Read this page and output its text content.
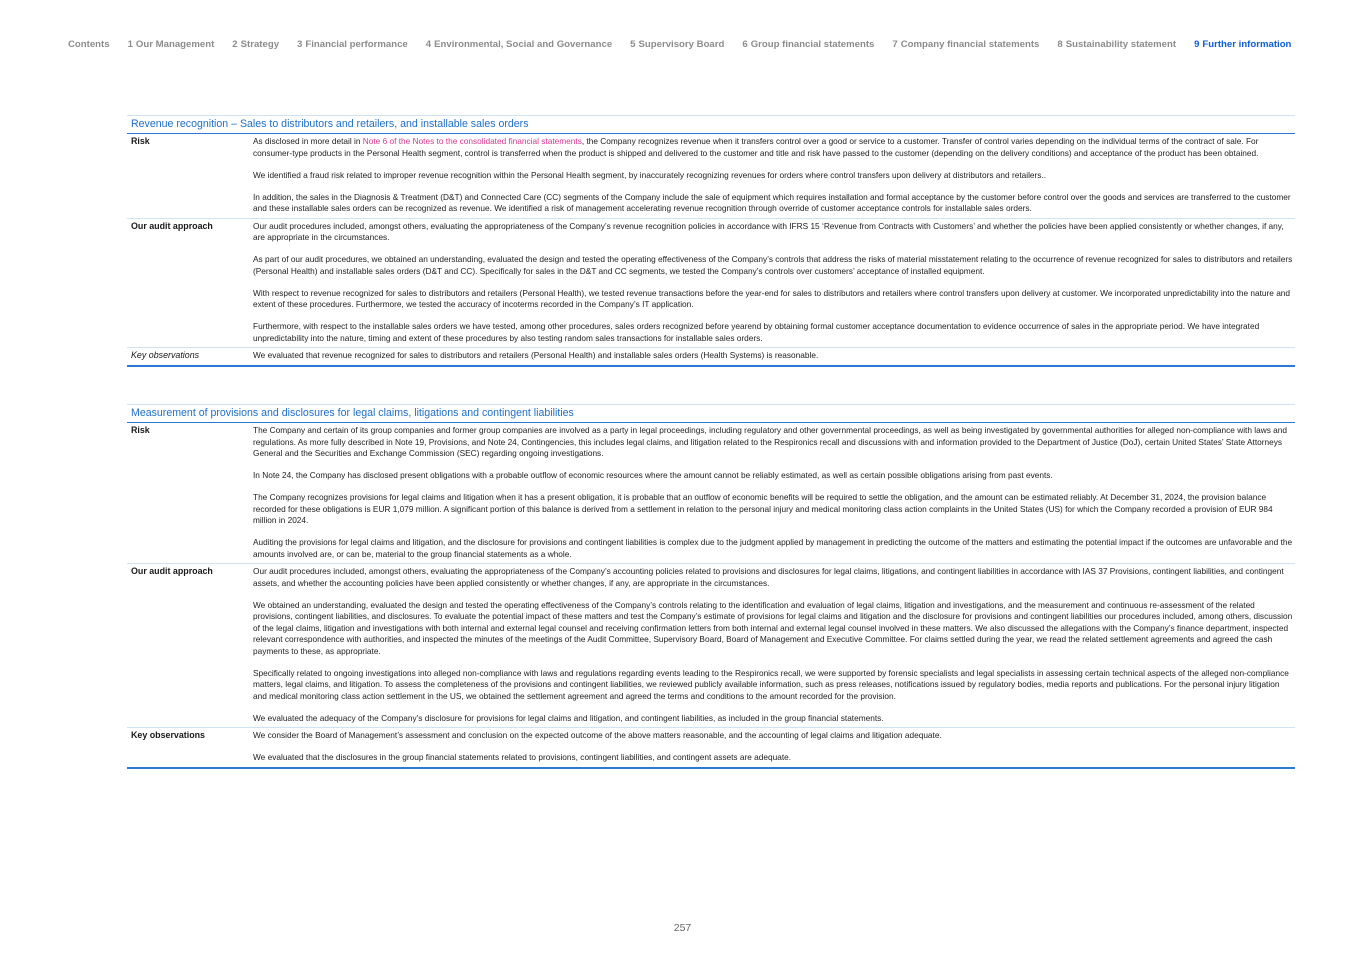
Contents 1 Our Management 2 Strategy 3 Financial performance 4 Environmental, Social and Governance 5 Supervisory Board 6 Group financial statements 7 Company financial statements 8 Sustainability statement 9 Further information
Revenue recognition – Sales to distributors and retailers, and installable sales orders
Risk	As disclosed in more detail in Note 6 of the Notes to the consolidated financial statements, the Company recognizes revenue when it transfers control over a good or service to a customer. Transfer of control varies depending on the individual terms of the contract of sale. For consumer-type products in the Personal Health segment, control is transferred when the product is shipped and delivered to the customer and title and risk have passed to the customer (depending on the delivery conditions) and acceptance of the product has been obtained.

We identified a fraud risk related to improper revenue recognition within the Personal Health segment, by inaccurately recognizing revenues for orders where control transfers upon delivery at distributors and retailers..

In addition, the sales in the Diagnosis & Treatment (D&T) and Connected Care (CC) segments of the Company include the sale of equipment which requires installation and formal acceptance by the customer before control over the goods and services are transferred to the customer and these installable sales orders can be recognized as revenue. We identified a risk of management accelerating revenue recognition through override of customer acceptance controls for installable sales orders.

Our audit approach	Our audit procedures included, amongst others, evaluating the appropriateness of the Company’s revenue recognition policies in accordance with IFRS 15 ‘Revenue from Contracts with Customers’ and whether the policies have been applied consistently or whether changes, if any, are appropriate in the circumstances.

As part of our audit procedures, we obtained an understanding, evaluated the design and tested the operating effectiveness of the Company’s controls that address the risks of material misstatement relating to the occurrence of revenue recognized for sales to distributors and retailers (Personal Health) and installable sales orders (D&T and CC). Specifically for sales in the D&T and CC segments, we tested the Company’s controls over customers’ acceptance of installed equipment.

With respect to revenue recognized for sales to distributors and retailers (Personal Health), we tested revenue transactions before the year-end for sales to distributors and retailers where control transfers upon delivery at customer. We incorporated unpredictability into the nature and extent of these procedures. Furthermore, we tested the accuracy of incoterms recorded in the Company’s IT application.

Furthermore, with respect to the installable sales orders we have tested, among other procedures, sales orders recognized before yearend by obtaining formal customer acceptance documentation to evidence occurrence of sales in the appropriate period. We have integrated unpredictability into the nature, timing and extent of these procedures by also testing random sales transactions for installable sales orders.

Key observations	We evaluated that revenue recognized for sales to distributors and retailers (Personal Health) and installable sales orders (Health Systems) is reasonable.

Measurement of provisions and disclosures for legal claims, litigations and contingent liabilities
Risk	The Company and certain of its group companies and former group companies are involved as a party in legal proceedings, including regulatory and other governmental proceedings, as well as being investigated by governmental authorities for alleged non-compliance with laws and regulations. As more fully described in Note 19, Provisions, and Note 24, Contingencies, this includes legal claims, and litigation related to the Respironics recall and discussions with and information provided to the Department of Justice (DoJ), certain United States’ State Attorneys General and the Securities and Exchange Commission (SEC) regarding ongoing investigations.

In Note 24, the Company has disclosed present obligations with a probable outflow of economic resources where the amount cannot be reliably estimated, as well as certain possible obligations arising from past events.

The Company recognizes provisions for legal claims and litigation when it has a present obligation, it is probable that an outflow of economic benefits will be required to settle the obligation, and the amount can be estimated reliably. At December 31, 2024, the provision balance recorded for these obligations is EUR 1,079 million. A significant portion of this balance is derived from a settlement in relation to the personal injury and medical monitoring class action complaints in the United States (US) for which the Company recorded a provision of EUR 984 million in 2024.

Auditing the provisions for legal claims and litigation, and the disclosure for provisions and contingent liabilities is complex due to the judgment applied by management in predicting the outcome of the matters and estimating the potential impact if the outcomes are unfavorable and the amounts involved are, or can be, material to the group financial statements as a whole.

Our audit approach	Our audit procedures included, amongst others, evaluating the appropriateness of the Company’s accounting policies related to provisions and disclosures for legal claims, litigations, and contingent liabilities in accordance with IAS 37 Provisions, contingent liabilities, and contingent assets, and whether the accounting policies have been applied consistently or whether changes, if any, are appropriate in the circumstances.

We obtained an understanding, evaluated the design and tested the operating effectiveness of the Company’s controls relating to the identification and evaluation of legal claims, litigation and investigations, and the measurement and continuous re-assessment of the related provisions, contingent liabilities, and disclosures. To evaluate the potential impact of these matters and test the Company’s estimate of provisions for legal claims and litigation and the disclosure for provisions and contingent liabilities our procedures included, among others, discussion of the legal claims, litigation and investigations with both internal and external legal counsel and receiving confirmation letters from both internal and external legal counsel involved in these matters. We also discussed the allegations with the Company’s finance department, inspected relevant correspondence with authorities, and inspected the minutes of the meetings of the Audit Committee, Supervisory Board, Board of Management and Executive Committee. For claims settled during the year, we read the related settlement agreements and agreed the cash payments to these, as appropriate.

Specifically related to ongoing investigations into alleged non-compliance with laws and regulations regarding events leading to the Respironics recall, we were supported by forensic specialists and legal specialists in assessing certain technical aspects of the alleged non-compliance matters, legal claims, and litigation. To assess the completeness of the provisions and contingent liabilities, we reviewed publicly available information, such as press releases, notifications issued by regulatory bodies, media reports and publications. For the personal injury litigation and medical monitoring class action settlement in the US, we obtained the settlement agreement and agreed the terms and conditions to the amount recorded for the provision.

We evaluated the adequacy of the Company’s disclosure for provisions for legal claims and litigation, and contingent liabilities, as included in the group financial statements.

Key observations	We consider the Board of Management’s assessment and conclusion on the expected outcome of the above matters reasonable, and the accounting of legal claims and litigation adequate.

We evaluated that the disclosures in the group financial statements related to provisions, contingent liabilities, and contingent assets are adequate.

257
